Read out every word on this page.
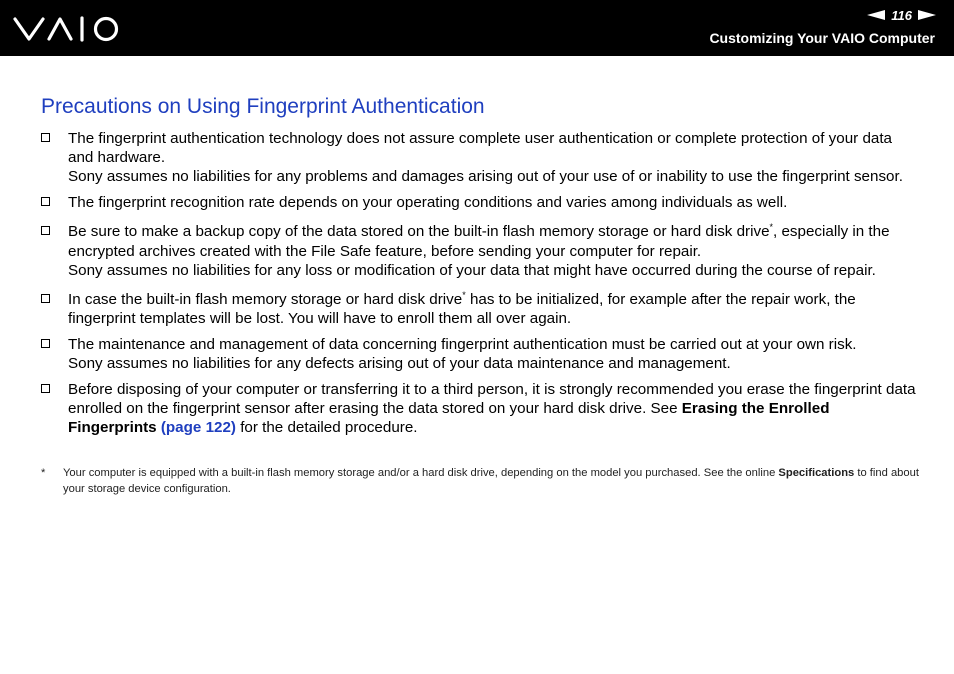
116
Customizing Your VAIO Computer
Precautions on Using Fingerprint Authentication
The fingerprint authentication technology does not assure complete user authentication or complete protection of your data and hardware.
Sony assumes no liabilities for any problems and damages arising out of your use of or inability to use the fingerprint sensor.
The fingerprint recognition rate depends on your operating conditions and varies among individuals as well.
Be sure to make a backup copy of the data stored on the built-in flash memory storage or hard disk drive*, especially in the encrypted archives created with the File Safe feature, before sending your computer for repair.
Sony assumes no liabilities for any loss or modification of your data that might have occurred during the course of repair.
In case the built-in flash memory storage or hard disk drive* has to be initialized, for example after the repair work, the fingerprint templates will be lost. You will have to enroll them all over again.
The maintenance and management of data concerning fingerprint authentication must be carried out at your own risk.
Sony assumes no liabilities for any defects arising out of your data maintenance and management.
Before disposing of your computer or transferring it to a third person, it is strongly recommended you erase the fingerprint data enrolled on the fingerprint sensor after erasing the data stored on your hard disk drive. See Erasing the Enrolled Fingerprints (page 122) for the detailed procedure.
* Your computer is equipped with a built-in flash memory storage and/or a hard disk drive, depending on the model you purchased. See the online Specifications to find about your storage device configuration.
